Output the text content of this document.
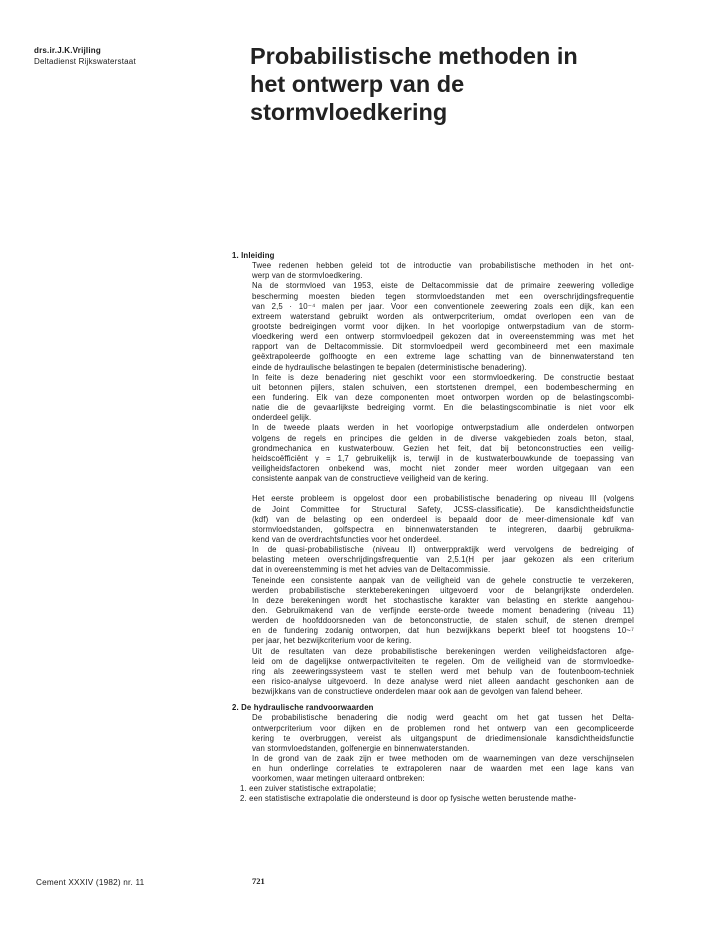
drs.ir.J.K.Vrijling
Deltadienst Rijkswaterstaat	Probabilistische methoden in
het ontwerp van de
stormvloedkering
1. Inleiding
Twee redenen hebben geleid tot de introductie van probabilistische methoden in het ont-
werp van de stormvloedkering.
Na de stormvloed van 1953, eiste de Deltacommissie dat de primaire zeewering volledige
bescherming moesten bieden tegen stormvloedstanden met een overschrijdingsfrequentie
van 2,5 · 10⁻⁴ malen per jaar. Voor een conventionele zeewering zoals een dijk, kan een
extreem waterstand gebruikt worden als ontwerpcriterium, omdat overlopen een van de
grootste bedreigingen vormt voor dijken. In het voorlopige ontwerpstadium van de storm-
vloedkering werd een ontwerp stormvloedpeil gekozen dat in overeenstemming was met het
rapport van de Deltacommissie. Dit stormvloedpeil werd gecombineerd met een maximale
geëxtrapoleerde golfhoogte en een extreme lage schatting van de binnenwaterstand ten
einde de hydraulische belastingen te bepalen (deterministische benadering).
In feite is deze benadering niet geschikt voor een stormvloedkering. De constructie bestaat
uit betonnen pijlers, stalen schuiven, een stortstenen drempel, een bodembescherming en
een fundering. Elk van deze componenten moet ontworpen worden op de belastingscombi-
natie die de gevaarlijkste bedreiging vormt. En die belastingscombinatie is niet voor elk
onderdeel gelijk.
In de tweede plaats werden in het voorlopige ontwerpstadium alle onderdelen ontworpen
volgens de regels en principes die gelden in de diverse vakgebieden zoals beton, staal,
grondmechanica en kustwaterbouw. Gezien het feit, dat bij betonconstructies een veilig-
heidscoëfficiënt γ = 1,7 gebruikelijk is, terwijl in de kustwaterbouwkunde de toepassing van
veiligheidsfactoren onbekend was, mocht niet zonder meer worden uitgegaan van een
consistente aanpak van de constructieve veiligheid van de kering.
Het eerste probleem is opgelost door een probabilistische benadering op niveau III (volgens
de Joint Committee for Structural Safety, JCSS-classificatie). De kansdichtheidsfunctie
(kdf) van de belasting op een onderdeel is bepaald door de meer-dimensionale kdf van
stormvloedstanden, golfspectra en binnenwaterstanden te integreren, daarbij gebruikma-
kend van de overdrachtsfuncties voor het onderdeel.
In de quasi-probabilistische (niveau II) ontwerppraktijk werd vervolgens de bedreiging of
belasting meteen overschrijdingsfrequentie van 2,5.1(H per jaar gekozen als een criterium
dat in overeenstemming is met het advies van de Deltacommissie.
Teneinde een consistente aanpak van de veiligheid van de gehele constructie te verzekeren,
werden probabilistische sterkteberekeningen uitgevoerd voor de belangrijkste onderdelen.
In deze berekeningen wordt het stochastische karakter van belasting en sterkte aangehou-
den. Gebruikmakend van de verfijnde eerste-orde tweede moment benadering (niveau 11)
werden de hoofddoorsneden van de betonconstructie, de stalen schuif, de stenen drempel
en de fundering zodanig ontworpen, dat hun bezwijkkans beperkt bleef tot hoogstens 10~⁷
per jaar, het bezwijkcriterium voor de kering.
Uit de resultaten van deze probabilistische berekeningen werden veiligheidsfactoren afge-
leid om de dagelijkse ontwerpactiviteiten te regelen. Om de veiligheid van de stormvloedke-
ring als zeeweringssysteem vast te stellen werd met behulp van de foutenboom-techniek
een risico-analyse uitgevoerd. In deze analyse werd niet alleen aandacht geschonken aan de
bezwijkkans van de constructieve onderdelen maar ook aan de gevolgen van falend beheer.
2. De hydraulische randvoorwaarden
De probabilistische benadering die nodig werd geacht om het gat tussen het Delta-
ontwerpcriterium voor dijken en de problemen rond het ontwerp van een gecompliceerde
kering te overbruggen, vereist als uitgangspunt de driedimensionale kansdichtheidsfunctie
van stormvloedstanden, golfenergie en binnenwaterstanden.
In de grond van de zaak zijn er twee methoden om de waarnemingen van deze verschijnselen
en hun onderlinge correlaties te extrapoleren naar de waarden met een lage kans van
voorkomen, waar metingen uiteraard ontbreken:
1. een zuiver statistische extrapolatie;
2. een statistische extrapolatie die ondersteund is door op fysische wetten berustende mathe-
Cement XXXIV (1982) nr. 11	721
